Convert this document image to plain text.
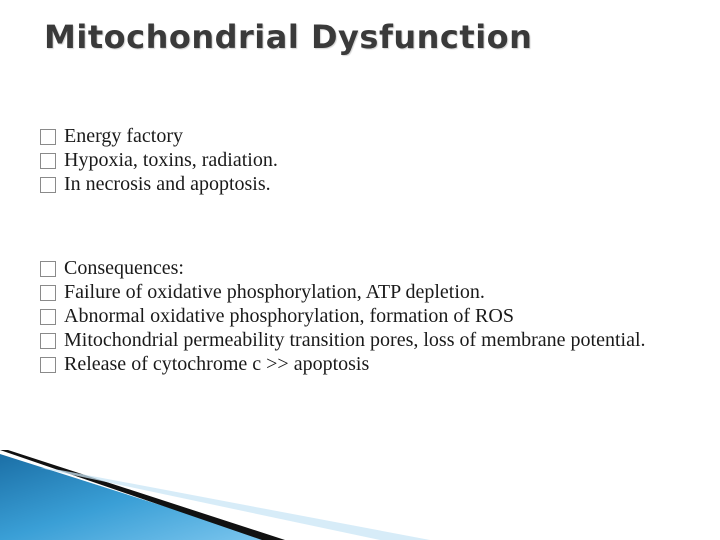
Mitochondrial Dysfunction
Energy factory
Hypoxia, toxins, radiation.
In necrosis and apoptosis.
Consequences:
Failure of oxidative phosphorylation, ATP depletion.
Abnormal oxidative phosphorylation, formation of ROS
Mitochondrial permeability transition pores, loss of membrane potential.
Release of cytochrome c >> apoptosis
